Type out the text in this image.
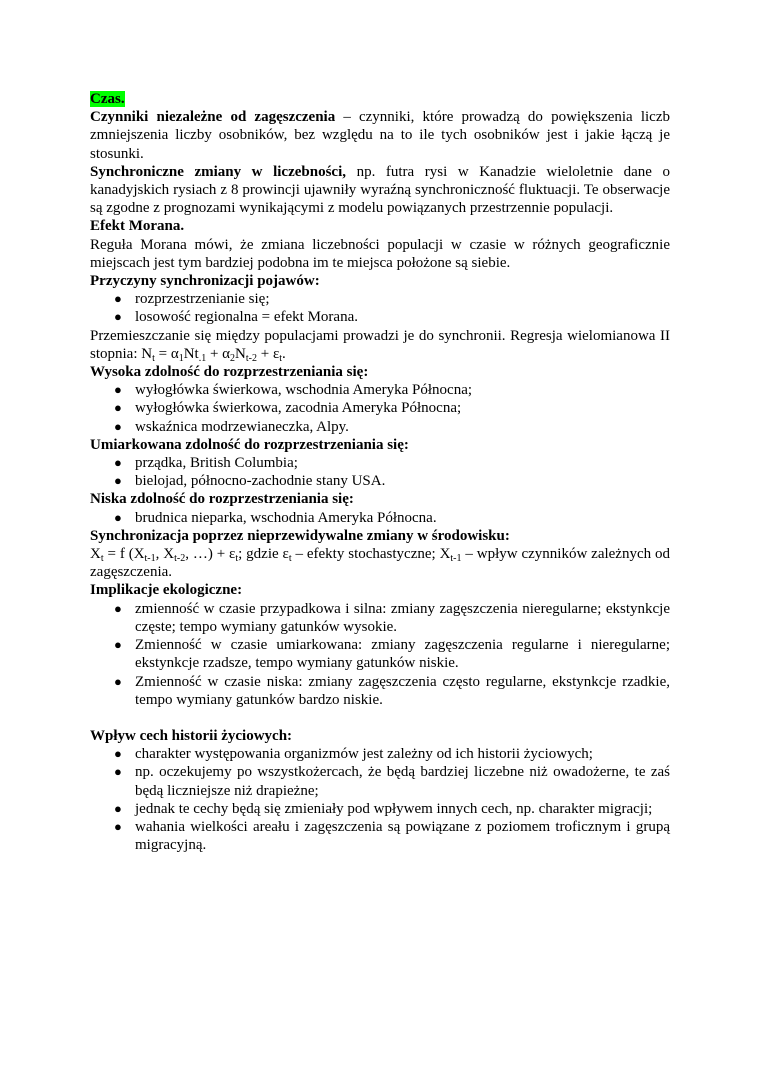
Czas.

Czynniki niezależne od zagęszczenia – czynniki, które prowadzą do powiększenia liczb zmniejszenia liczby osobników, bez względu na to ile tych osobników jest i jakie łączą je stosunki.

Synchroniczne zmiany w liczebności, np. futra rysi w Kanadzie wieloletnie dane o kanadyjskich rysiach z 8 prowincji ujawniły wyraźną synchroniczność fluktuacji. Te obserwacje są zgodne z prognozami wynikającymi z modelu powiązanych przestrzennie populacji.

Efekt Morana.

Reguła Morana mówi, że zmiana liczebności populacji w czasie w różnych geograficznie miejscach jest tym bardziej podobna im te miejsca położone są siebie.

Przyczyny synchronizacji pojawów:

● rozprzestrzenianie się;
● losowość regionalna = efekt Morana.

Przemieszczanie się między populacjami prowadzi je do synchronii. Regresja wielomianowa II stopnia: $N_t = \alpha_1Nt_{.1} + \alpha_2N_{t-2} + \varepsilon_t$.

Wysoka zdolność do rozprzestrzeniania się:

● wyłogłówka świerkowa, wschodnia Ameryka Północna;
● wyłogłówka świerkowa, zacodnia Ameryka Północna;
● wskaźnica modrzewianeczka, Alpy.

Umiarkowana zdolność do rozprzestrzeniania się:

● prządka, British Columbia;
● bielojad, północno-zachodnie stany USA.

Niska zdolność do rozprzestrzeniania się:

● brudnica nieparka, wschodnia Ameryka Północna.

Synchronizacja poprzez nieprzewidywalne zmiany w środowisku:

$X_t = f$ ($X_{t-1}$, $X_{t-2}$, …) + $\varepsilon_t$; gdzie $\varepsilon_t$ – efekty stochastyczne; $X_{t-1}$ – wpływ czynników zależnych od zagęszczenia.

Implikacje ekologiczne:

● zmienność w czasie przypadkowa i silna: zmiany zagęszczenia nieregularne; ekstynkcje częste; tempo wymiany gatunków wysokie.
● Zmienność w czasie umiarkowana: zmiany zagęszczenia regularne i nieregularne; ekstynkcje rzadsze, tempo wymiany gatunków niskie.
● Zmienność w czasie niska: zmiany zagęszczenia często regularne, ekstynkcje rzadkie, tempo wymiany gatunków bardzo niskie.

Wpływ cech historii życiowych:

● charakter występowania organizmów jest zależny od ich historii życiowych;
● np. oczekujemy po wszystkożercach, że będą bardziej liczebne niż owadożerne, te zaś będą liczniejsze niż drapieżne;
● jednak te cechy będą się zmieniały pod wpływem innych cech, np. charakter migracji;
● wahania wielkości areału i zagęszczenia są powiązane z poziomem troficznym i grupą migracyjną.
